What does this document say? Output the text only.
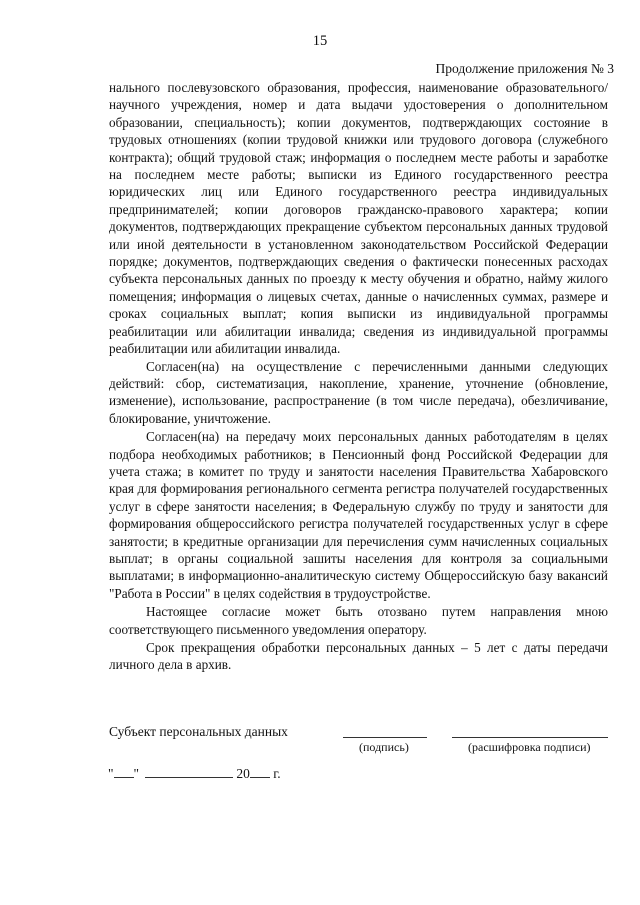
15
Продолжение приложения № 3

нального послевузовского образования, профессия, наименование образовательного/научного учреждения, номер и дата выдачи удостоверения о дополнительном образовании, специальность); копии документов, подтверждающих состояние в трудовых отношениях (копии трудовой книжки или трудового договора (служебного контракта); общий трудовой стаж; информация о последнем месте работы и заработке на последнем месте работы; выписки из Единого государственного реестра юридических лиц или Единого государственного реестра индивидуальных предпринимателей; копии договоров гражданско-правового характера; копии документов, подтверждающих прекращение субъектом персональных данных трудовой или иной деятельности в установленном законодательством Российской Федерации порядке; документов, подтверждающих сведения о фактически понесенных расходах субъекта персональных данных по проезду к месту обучения и обратно, найму жилого помещения; информация о лицевых счетах, данные о начисленных суммах, размере и сроках социальных выплат; копия выписки из индивидуальной программы реабилитации или абилитации инвалида; сведения из индивидуальной программы реабилитации или абилитации инвалида.

Согласен(на) на осуществление с перечисленными данными следующих действий: сбор, систематизация, накопление, хранение, уточнение (обновление, изменение), использование, распространение (в том числе передача), обезличивание, блокирование, уничтожение.

Согласен(на) на передачу моих персональных данных работодателям в целях подбора необходимых работников; в Пенсионный фонд Российской Федерации для учета стажа; в комитет по труду и занятости населения Правительства Хабаровского края для формирования регионального сегмента регистра получателей государственных услуг в сфере занятости населения; в Федеральную службу по труду и занятости для формирования общероссийского регистра получателей государственных услуг в сфере занятости; в кредитные организации для перечисления сумм начисленных социальных выплат; в органы социальной зашиты населения для контроля за социальными выплатами; в информационно-аналитическую систему Общероссийскую базу вакансий "Работа в России" в целях содействия в трудоустройстве.

Настоящее согласие может быть отозвано путем направления мною соответствующего письменного уведомления оператору.

Срок прекращения обработки персональных данных – 5 лет с даты передачи личного дела в архив.

Субъект персональных данных
(подпись)	(расшифровка подписи)
" "	20 г.
